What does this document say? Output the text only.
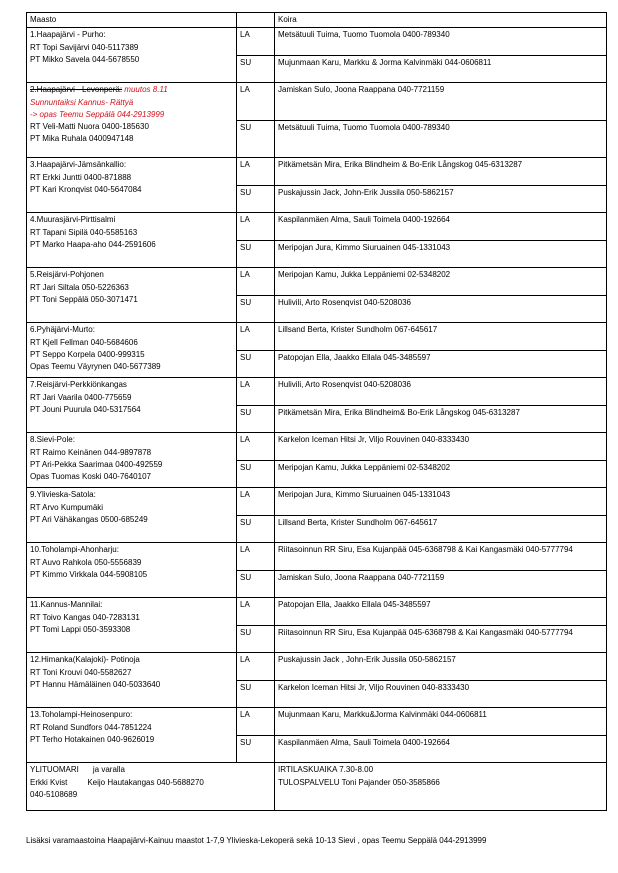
Maasto		Koira

1.Haapajärvi - Purho:
RT Topi Savijärvi 040-5117389
PT Mikko Savela 044-5678550	LA	Metsätuuli Tuima, Tuomo Tuomola 0400-789340
	SU	Mujunmaan Karu, Markku & Jorma Kalvinmäki 044-0606811

2.Haapajärvi - Levonperä: muutos 8.11
Sunnuntaiksi Kannus- Rättyä
-> opas Teemu Seppälä 044-2913999
RT Veli-Matti Nuora 0400-185630
PT Mika Ruhala 0400947148	LA	Jamiskan Sulo, Joona Raappana 040-7721159
	SU	Metsätuuli Tuima, Tuomo Tuomola 0400-789340

3.Haapajärvi-Jämsänkallio:
RT Erkki Juntti 0400-871888
PT Kari Kronqvist 040-5647084	LA	Pitkämetsän Mira, Erika Blindheim & Bo-Erik Långskog 045-6313287
	SU	Puskajussin Jack, John-Erik Jussila 050-5862157

4.Muurasjärvi-Pirttisalmi
RT Tapani Sipilä 040-5585163
PT Marko Haapa-aho 044-2591606	LA	Kaspilanmäen Alma, Sauli Toimela 0400-192664
	SU	Meripojan Jura, Kimmo Siuruainen 045-1331043

5.Reisjärvi-Pohjonen
RT Jari Siltala 050-5226363
PT Toni Seppälä 050-3071471	LA	Meripojan Kamu, Jukka Leppäniemi 02-5348202
	SU	Hulivili, Arto Rosenqvist 040-5208036

6.Pyhäjärvi-Murto:
RT Kjell Fellman 040-5684606
PT Seppo Korpela 0400-999315
Opas Teemu Väyrynen 040-5677389	LA	Lillsand Berta, Krister Sundholm 067-645617
	SU	Patopojan Ella, Jaakko Ellala 045-3485597

7.Reisjärvi-Perkkiönkangas
RT Jari Vaarila 0400-775659
PT Jouni Puurula 040-5317564	LA	Hulivili, Arto Rosenqvist 040-5208036
	SU	Pitkämetsän Mira, Erika Blindheim& Bo-Erik Långskog 045-6313287

8.Sievi-Pole:
RT Raimo Keinänen 044-9897878
PT Ari-Pekka Saarimaa 0400-492559
Opas Tuomas Koski 040-7640107	LA	Karkelon Iceman Hitsi Jr, Viljo Rouvinen 040-8333430
	SU	Meripojan Kamu, Jukka Leppäniemi 02-5348202

9.Ylivieska-Satola:
RT Arvo Kumpumäki
PT Ari Vähäkangas 0500-685249	LA	Meripojan Jura, Kimmo Siuruainen 045-1331043
	SU	Lillsand Berta, Krister Sundholm 067-645617

10.Toholampi-Ahonharju:
RT Auvo Rahkola 050-5556839
PT Kimmo Virkkala 044-5908105	LA	Riitasoinnun RR Siru, Esa Kujanpää 045-6368798 & Kai Kangasmäki 040-5777794
	SU	Jamiskan Sulo, Joona Raappana 040-7721159

11.Kannus-Mannilai:
RT Toivo Kangas 040-7283131
PT Tomi Lappi 050-3593308	LA	Patopojan Ella, Jaakko Ellala 045-3485597
	SU	Riitasoinnun RR Siru, Esa Kujanpää 045-6368798 & Kai Kangasmäki 040-5777794

12.Himanka(Kalajoki)- Potinoja
RT Toni Krouvi 040-5582627
PT Hannu Hämäläinen 040-5033640	LA	Puskajussin Jack , John-Erik Jussila 050-5862157
	SU	Karkelon Iceman Hitsi Jr, Viljo Rouvinen 040-8333430

13.Toholampi-Heinosenpuro:
RT Roland Sundfors 044-7851224
PT Terho Hotakainen 040-9626019	LA	Mujunmaan Karu, Markku&Jorma Kalvinmäki 044-0606811
	SU	Kaspilanmäen Alma, Sauli Toimela 0400-192664

YLITUOMARI ja varalla
Erkki Kvist Keijo Hautakangas 040-5688270
040-5108689		IRTILASKUAIKA 7.30-8.00
TULOSPALVELU Toni Pajander 050-3585866
Lisäksi varamaastoina Haapajärvi-Kainuu maastot 1-7,9 Ylivieska-Lekoperä sekä 10-13 Sievi , opas Teemu Seppälä 044-2913999
